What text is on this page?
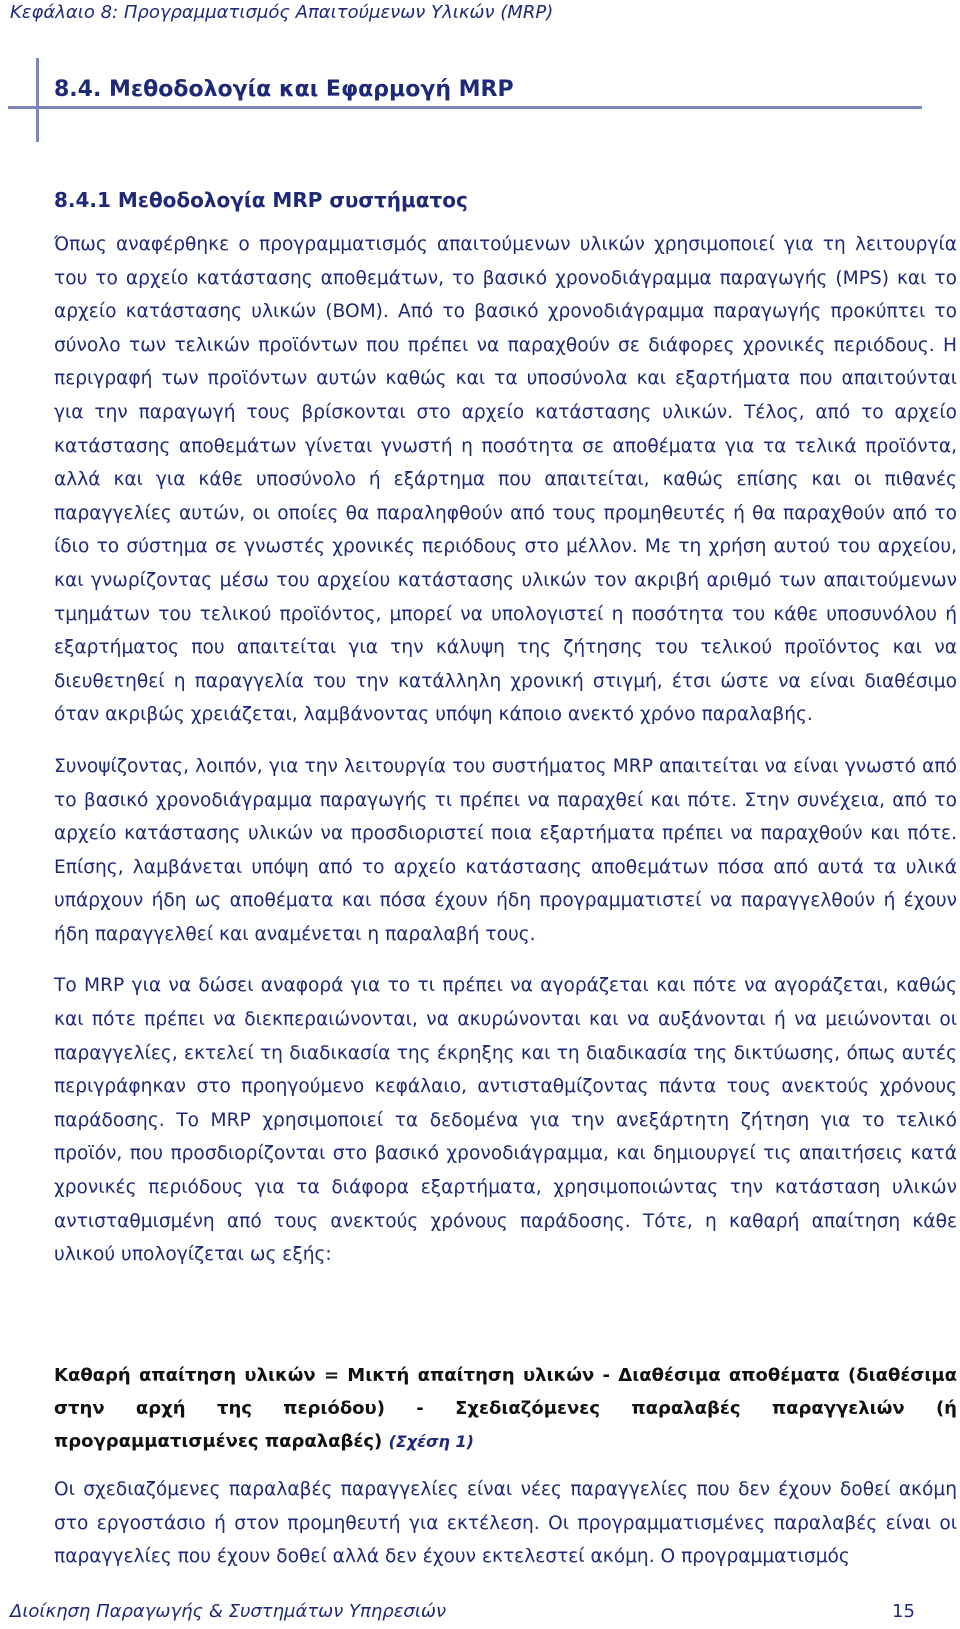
Κεφάλαιο 8: Προγραμματισμός Απαιτούμενων Υλικών (MRP)
8.4. Μεθοδολογία και Εφαρμογή MRP
8.4.1 Μεθοδολογία MRP συστήματος

Όπως αναφέρθηκε ο προγραμματισμός απαιτούμενων υλικών χρησιμοποιεί για τη λειτουργία του το αρχείο κατάστασης αποθεμάτων, το βασικό χρονοδιάγραμμα παραγωγής (MPS) και το αρχείο κατάστασης υλικών (BOM). Από το βασικό χρονοδιάγραμμα παραγωγής προκύπτει το σύνολο των τελικών προϊόντων που πρέπει να παραχθούν σε διάφορες χρονικές περιόδους. Η περιγραφή των προϊόντων αυτών καθώς και τα υποσύνολα και εξαρτήματα που απαιτούνται για την παραγωγή τους βρίσκονται στο αρχείο κατάστασης υλικών. Τέλος, από το αρχείο κατάστασης αποθεμάτων γίνεται γνωστή η ποσότητα σε αποθέματα για τα τελικά προϊόντα, αλλά και για κάθε υποσύνολο ή εξάρτημα που απαιτείται, καθώς επίσης και οι πιθανές παραγγελίες αυτών, οι οποίες θα παραληφθούν από τους προμηθευτές ή θα παραχθούν από το ίδιο το σύστημα σε γνωστές χρονικές περιόδους στο μέλλον. Με τη χρήση αυτού του αρχείου, και γνωρίζοντας μέσω του αρχείου κατάστασης υλικών τον ακριβή αριθμό των απαιτούμενων τμημάτων του τελικού προϊόντος, μπορεί να υπολογιστεί η ποσότητα του κάθε υποσυνόλου ή εξαρτήματος που απαιτείται για την κάλυψη της ζήτησης του τελικού προϊόντος και να διευθετηθεί η παραγγελία του την κατάλληλη χρονική στιγμή, έτσι ώστε να είναι διαθέσιμο όταν ακριβώς χρειάζεται, λαμβάνοντας υπόψη κάποιο ανεκτό χρόνο παραλαβής.

Συνοψίζοντας, λοιπόν, για την λειτουργία του συστήματος MRP απαιτείται να είναι γνωστό από το βασικό χρονοδιάγραμμα παραγωγής τι πρέπει να παραχθεί και πότε. Στην συνέχεια, από το αρχείο κατάστασης υλικών να προσδιοριστεί ποια εξαρτήματα πρέπει να παραχθούν και πότε. Επίσης, λαμβάνεται υπόψη από το αρχείο κατάστασης αποθεμάτων πόσα από αυτά τα υλικά υπάρχουν ήδη ως αποθέματα και πόσα έχουν ήδη προγραμματιστεί να παραγγελθούν ή έχουν ήδη παραγγελθεί και αναμένεται η παραλαβή τους.

Το MRP για να δώσει αναφορά για το τι πρέπει να αγοράζεται και πότε να αγοράζεται, καθώς και πότε πρέπει να διεκπεραιώνονται, να ακυρώνονται και να αυξάνονται ή να μειώνονται οι παραγγελίες, εκτελεί τη διαδικασία της έκρηξης και τη διαδικασία της δικτύωσης, όπως αυτές περιγράφηκαν στο προηγούμενο κεφάλαιο, αντισταθμίζοντας πάντα τους ανεκτούς χρόνους παράδοσης. Το MRP χρησιμοποιεί τα δεδομένα για την ανεξάρτητη ζήτηση για το τελικό προϊόν, που προσδιορίζονται στο βασικό χρονοδιάγραμμα, και δημιουργεί τις απαιτήσεις κατά χρονικές περιόδους για τα διάφορα εξαρτήματα, χρησιμοποιώντας την κατάσταση υλικών αντισταθμισμένη από τους ανεκτούς χρόνους παράδοσης. Τότε, η καθαρή απαίτηση κάθε υλικού υπολογίζεται ως εξής:

Καθαρή απαίτηση υλικών = Μικτή απαίτηση υλικών - Διαθέσιμα αποθέματα (διαθέσιμα στην αρχή της περιόδου) - Σχεδιαζόμενες παραλαβές παραγγελιών (ή προγραμματισμένες παραλαβές) (Σχέση 1)

Οι σχεδιαζόμενες παραλαβές παραγγελίες είναι νέες παραγγελίες που δεν έχουν δοθεί ακόμη στο εργοστάσιο ή στον προμηθευτή για εκτέλεση. Οι προγραμματισμένες παραλαβές είναι οι παραγγελίες που έχουν δοθεί αλλά δεν έχουν εκτελεστεί ακόμη. Ο προγραμματισμός

Διοίκηση Παραγωγής & Συστημάτων Υπηρεσιών	15
